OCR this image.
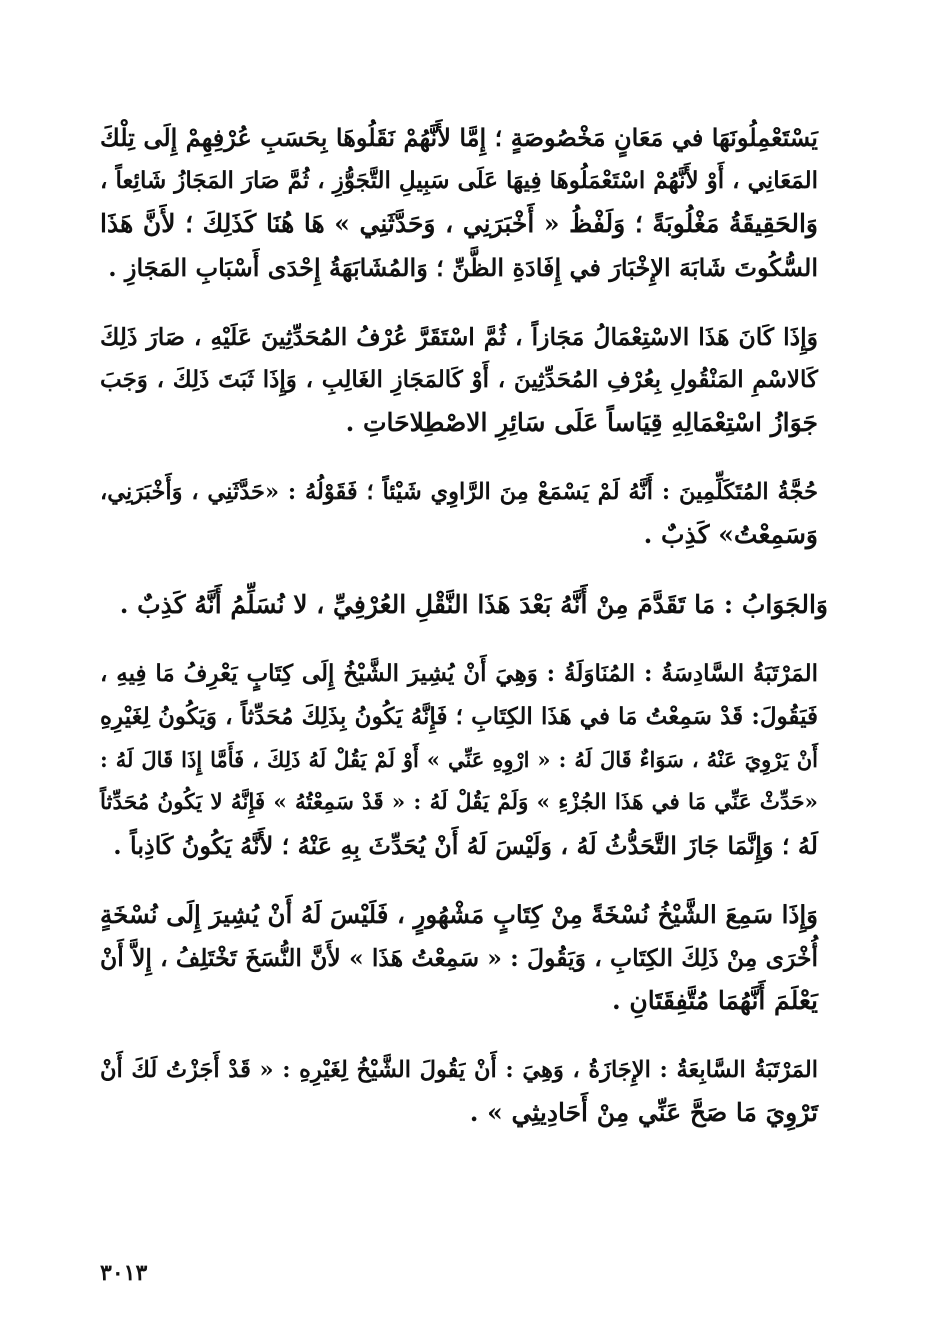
يَسْتَعْمِلُونَهَا في مَعَانٍ مَخْصُوصَةٍ ؛ إِمَّا لأَنَّهُمْ نَقَلُوهَا بِحَسَبِ عُرْفِهِمْ إِلَى تِلْكَ
المَعَانِي ، أَوْ لأَنَّهُمْ اسْتَعْمَلُوهَا فِيهَا عَلَى سَبِيلِ التَّجَوُّزِ ، ثُمَّ صَارَ المَجَازُ شَائِعاً ،
وَالحَقِيقَةُ مَغْلُوبَةً ؛ وَلَفْظُ « أَخْبَرَنِي ، وَحَدَّثَنِي » هَا هُنَا كَذَلِكَ ؛ لأَنَّ هَذَا
السُّكُوتَ شَابَهَ الإِخْبَارَ في إِفَادَةِ الظَّنِّ ؛ وَالمُشَابَهَةُ إِحْدَى أَسْبَابِ المَجَازِ .
وَإِذَا كَانَ هَذَا الاسْتِعْمَالُ مَجَازاً ، ثُمَّ اسْتَقَرَّ عُرْفُ المُحَدِّثِينَ عَلَيْهِ ، صَارَ ذَلِكَ
كَالاسْمِ المَنْقُولِ بِعُرْفِ المُحَدِّثِينَ ، أَوْ كَالمَجَازِ الغَالِبِ ، وَإِذَا ثَبَتَ ذَلِكَ ، وَجَبَ
جَوَازُ اسْتِعْمَالِهِ قِيَاساً عَلَى سَائِرِ الاصْطِلاحَاتِ .
حُجَّةُ المُتَكَلِّمِينَ : أَنَّهُ لَمْ يَسْمَعْ مِنَ الرَّاوِي شَيْئاً ؛ فَقَوْلُهُ : «حَدَّثَنِي ، وَأَخْبَرَنِي،
وَسَمِعْتُ» كَذِبٌ .
وَالجَوَابُ : مَا تَقَدَّمَ مِنْ أَنَّهُ بَعْدَ هَذَا النَّقْلِ العُرْفِيِّ ، لا نُسَلِّمُ أَنَّهُ كَذِبٌ .
المَرْتَبَةُ السَّادِسَةُ : المُنَاوَلَةُ : وَهِيَ أَنْ يُشِيرَ الشَّيْخُ إِلَى كِتَابٍ يَعْرِفُ مَا فِيهِ ،
فَيَقُولَ: قَدْ سَمِعْتُ مَا في هَذَا الكِتَابِ ؛ فَإِنَّهُ يَكُونُ بِذَلِكَ مُحَدِّثاً ، وَيَكُونُ لِغَيْرِهِ
أَنْ يَرْوِيَ عَنْهُ ، سَوَاءٌ قَالَ لَهُ : « ارْوِهِ عَنِّي » أَوْ لَمْ يَقُلْ لَهُ ذَلِكَ ، فَأَمَّا إِذَا قَالَ لَهُ :
«حَدِّثْ عَنِّي مَا في هَذَا الجُزْءِ » وَلَمْ يَقُلْ لَهُ : « قَدْ سَمِعْتُهُ » فَإِنَّهُ لا يَكُونُ مُحَدِّثاً
لَهُ ؛ وَإِنَّمَا جَازَ التَّحَدُّثُ لَهُ ، وَلَيْسَ لَهُ أَنْ يُحَدِّثَ بِهِ عَنْهُ ؛ لأَنَّهُ يَكُونُ كَاذِباً .
وَإِذَا سَمِعَ الشَّيْخُ نُسْخَةً مِنْ كِتَابٍ مَشْهُورٍ ، فَلَيْسَ لَهُ أَنْ يُشِيرَ إِلَى نُسْخَةٍ
أُخْرَى مِنْ ذَلِكَ الكِتَابِ ، وَيَقُولَ : « سَمِعْتُ هَذَا » لأَنَّ النُّسَخَ تَخْتَلِفُ ، إِلاَّ أَنْ
يَعْلَمَ أَنَّهُمَا مُتَّفِقَتَانِ .
المَرْتَبَةُ السَّابِعَةُ : الإِجَازَةُ ، وَهِيَ : أَنْ يَقُولَ الشَّيْخُ لِغَيْرِهِ : « قَدْ أَجَزْتُ لَكَ أَنْ
تَرْوِيَ مَا صَحَّ عَنِّي مِنْ أَحَادِيثِي » .
٣٠١٣
